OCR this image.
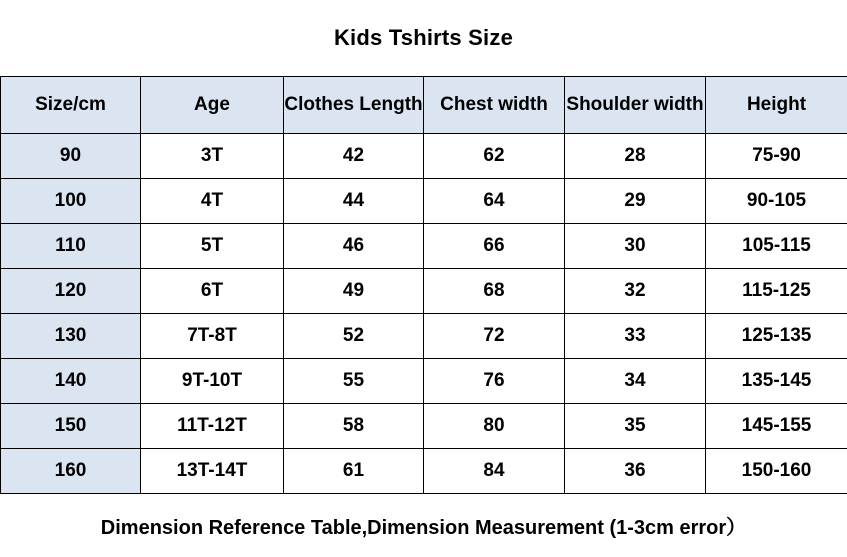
Kids Tshirts Size
Size/cm	Age	Clothes Length	Chest width	Shoulder width	Height
90	3T	42	62	28	75-90
100	4T	44	64	29	90-105
110	5T	46	66	30	105-115
120	6T	49	68	32	115-125
130	7T-8T	52	72	33	125-135
140	9T-10T	55	76	34	135-145
150	11T-12T	58	80	35	145-155
160	13T-14T	61	84	36	150-160
Dimension Reference Table,Dimension Measurement (1-3cm error）
